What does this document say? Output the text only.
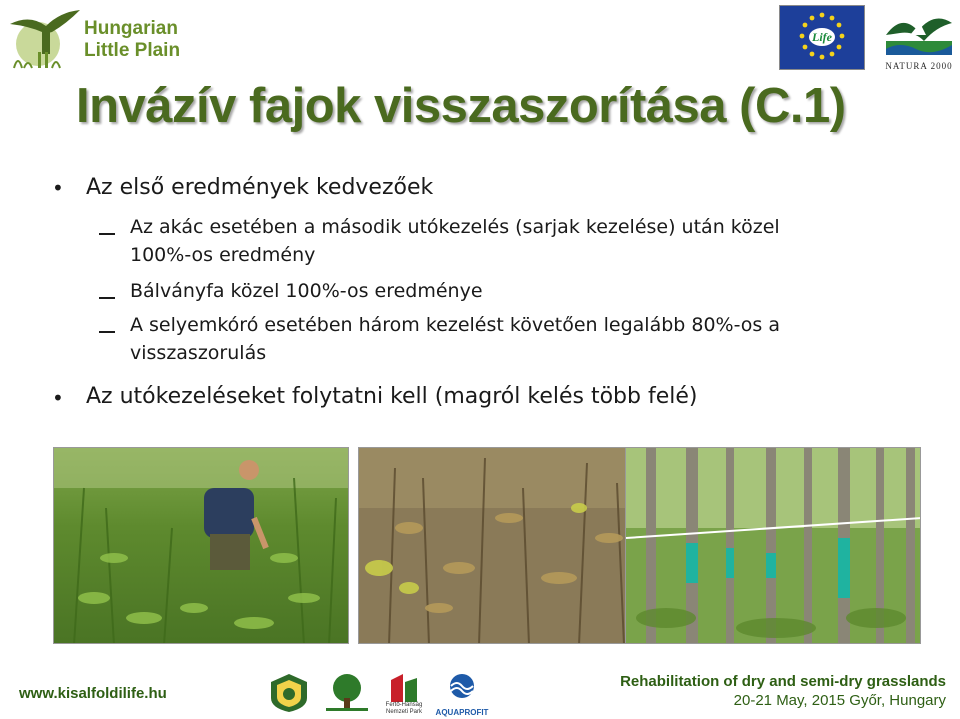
Hungarian
Little Plain
Life
NATURA 2000
Invázív fajok visszaszorítása (C.1)
• Az első eredmények kedvezőek
Az akác esetében a második utókezelés (sarjak kezelése) után közel
100%-os eredmény
Bálványfa közel 100%-os eredménye
A selyemkóró esetében három kezelést követően legalább 80%-os a
visszaszorulás
• Az utókezeléseket folytatni kell (magról kelés több felé)
www.kisalfoldilife.hu
Fertő-Hanság Nemzeti Park	AQUAPROFIT
Rehabilitation of dry and semi-dry grasslands
20-21 May, 2015 Győr, Hungary
